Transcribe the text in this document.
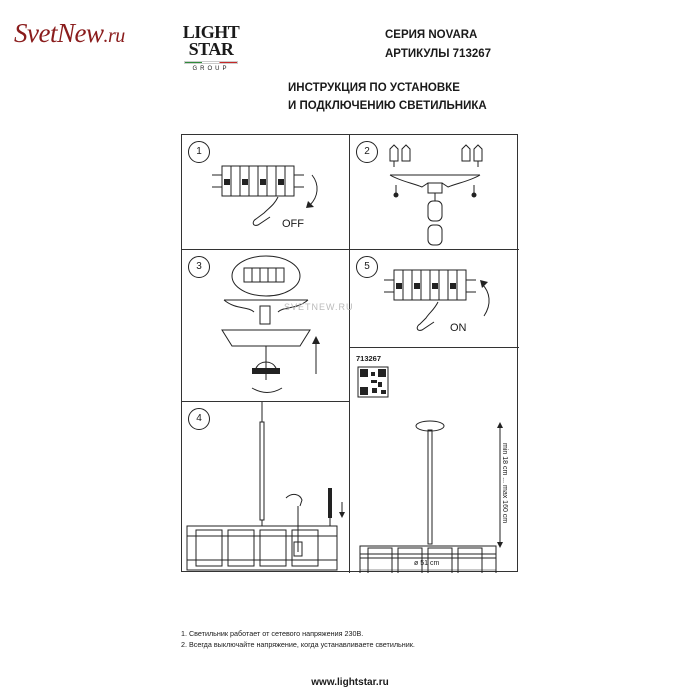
SvetNew.ru	LIGHT
STAR
GROUP
СЕРИЯ NOVARA
АРТИКУЛЫ 713267
ИНСТРУКЦИЯ ПО УСТАНОВКЕ
И ПОДКЛЮЧЕНИЮ СВЕТИЛЬНИКА
1
OFF
2
3
SVETNEW.RU
5
ON
4
713267
min 18 cm ... max 160 cm
ø 51 cm
1. Светильник работает от сетевого напряжения 230В.
2. Всегда выключайте напряжение, когда устанавливаете светильник.
www.lightstar.ru
